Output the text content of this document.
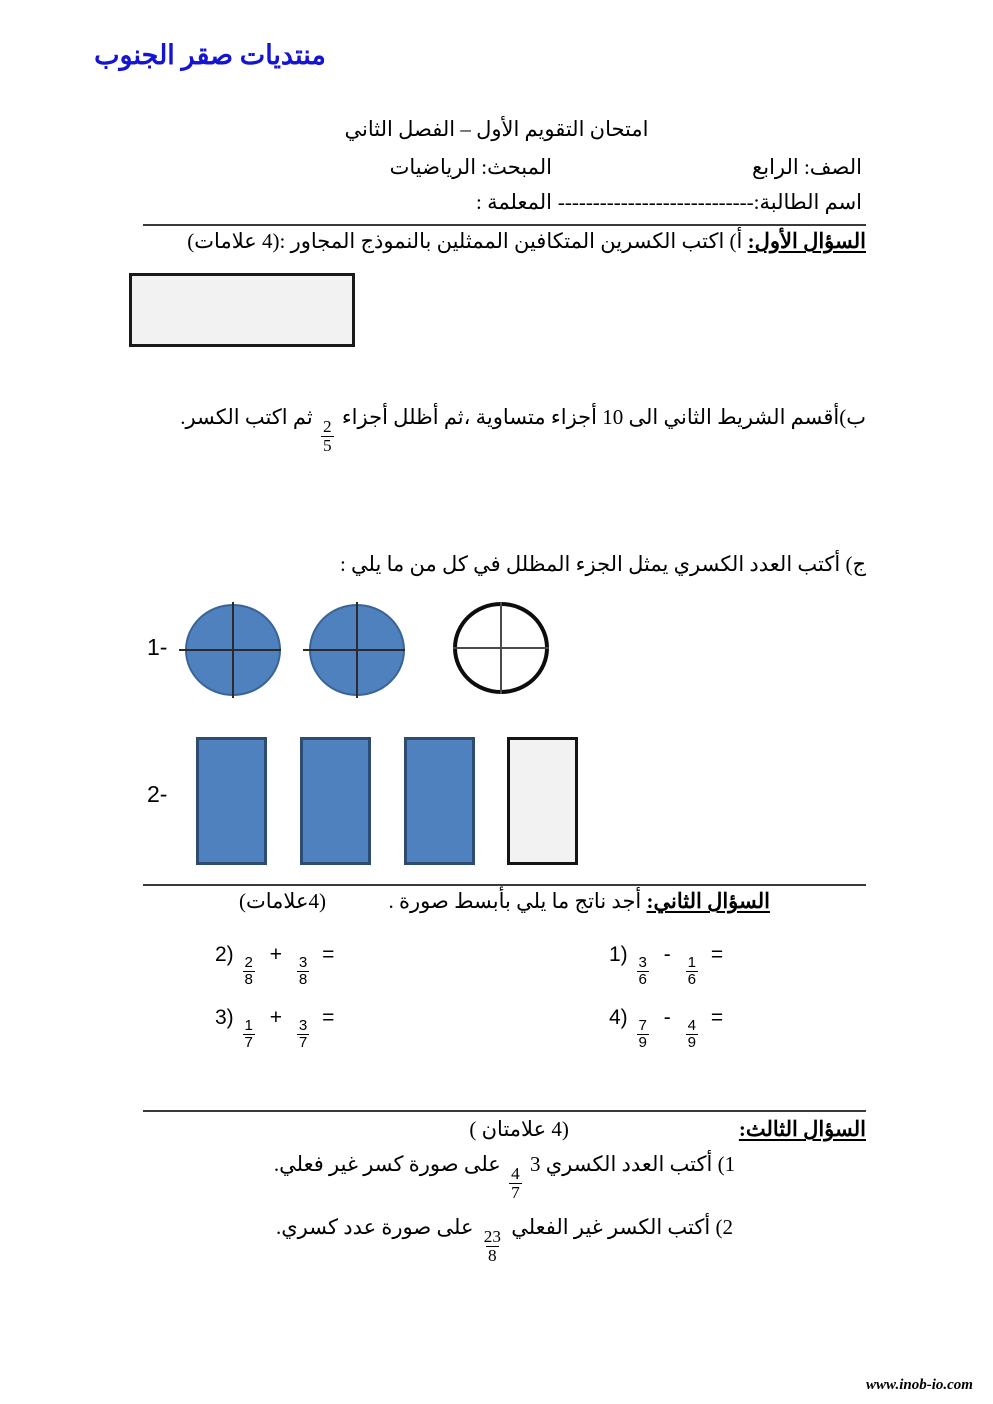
منتديات صقر الجنوب
امتحان التقويم الأول – الفصل الثاني
الصف: الرابع
المبحث: الرياضيات
اسم الطالبة:----------------------------
المعلمة :
السؤال الأول: أ) اكتب الكسرين المتكافين الممثلين بالنموذج المجاور :(4 علامات)
ب)أقسم الشريط الثاني الى 10 أجزاء متساوية ،ثم أظلل أجزاء
$\frac{2}{5}$
ثم اكتب الكسر.
ج) أكتب العدد الكسري يمثل الجزء المظلل في كل من ما يلي :
1-
2-
السؤال الثاني: أجد ناتج ما يلي بأبسط صورة .  (4علامات)
2)
$\frac{2}{8}$
+
$\frac{3}{8}$
=	1)
$\frac{3}{6}$
-
$\frac{1}{6}$
=
3)
$\frac{1}{7}$
+
$\frac{3}{7}$
=	4)
$\frac{7}{9}$
-
$\frac{4}{9}$
=
السؤال الثالث:
(4 علامتان )
1) أكتب العدد الكسري 3
$\frac{4}{7}$
على صورة كسر غير فعلي.
2) أكتب الكسر غير الفعلي
$\frac{23}{8}$
على صورة عدد كسري.
www.inob-io.com
